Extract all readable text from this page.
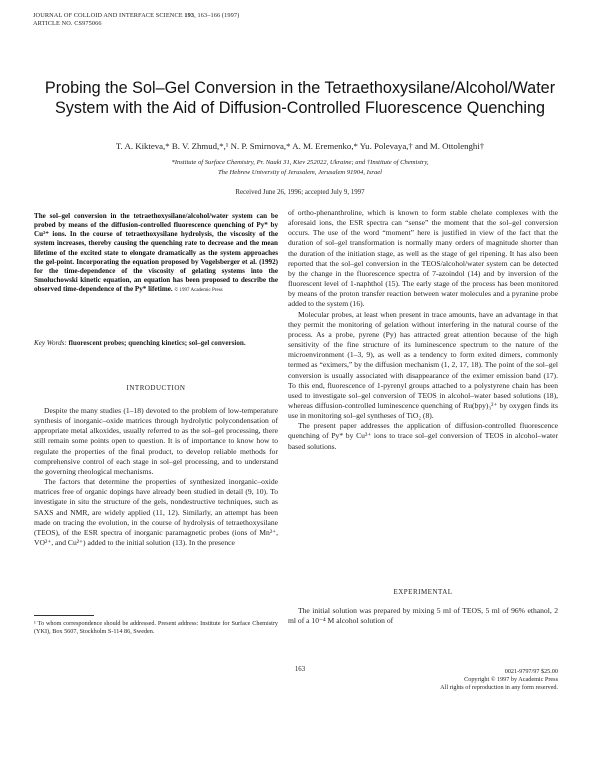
JOURNAL OF COLLOID AND INTERFACE SCIENCE 193, 163–166 (1997)
ARTICLE NO. CS975066
Probing the Sol–Gel Conversion in the Tetraethoxysilane/Alcohol/Water System with the Aid of Diffusion-Controlled Fluorescence Quenching
T. A. Kikteva,* B. V. Zhmud,*,¹ N. P. Smirnova,* A. M. Eremenko,* Yu. Polevaya,† and M. Ottolenghi†
*Institute of Surface Chemistry, Pr. Nauki 31, Kiev 252022, Ukraine; and †Institute of Chemistry,
The Hebrew University of Jerusalem, Jerusalem 91904, Israel
Received June 26, 1996; accepted July 9, 1997
The sol–gel conversion in the tetraethoxysilane/alcohol/water system can be probed by means of the diffusion-controlled fluorescence quenching of Py* by Cu²⁺ ions. In the course of tetraethoxysilane hydrolysis, the viscosity of the system increases, thereby causing the quenching rate to decrease and the mean lifetime of the excited state to elongate dramatically as the system approaches the gel-point. Incorporating the equation proposed by Vogelsberger et al. (1992) for the time-dependence of the viscosity of gelating systems into the Smoluchowski kinetic equation, an equation has been proposed to describe the observed time-dependence of the Py* lifetime. © 1997 Academic Press
Key Words: fluorescent probes; quenching kinetics; sol–gel conversion.
INTRODUCTION

Despite the many studies (1–18) devoted to the problem of low-temperature synthesis of inorganic–oxide matrices through hydrolytic polycondensation of appropriate metal alkoxides, usually referred to as the sol–gel processing, there still remain some points open to question. It is of importance to know how to regulate the properties of the final product, to develop reliable methods for comprehensive control of each stage in sol–gel processing, and to understand the governing rheological mechanisms.

The factors that determine the properties of synthesized inorganic–oxide matrices free of organic dopings have already been studied in detail (9, 10). To investigate in situ the structure of the gels, nondestructive techniques, such as SAXS and NMR, are widely applied (11, 12). Similarly, an attempt has been made on tracing the evolution, in the course of hydrolysis of tetraethoxysilane (TEOS), of the ESR spectra of inorganic paramagnetic probes (ions of Mn²⁺, VO²⁺, and Cu²⁺) added to the initial solution (13). In the presence

¹ To whom correspondence should be addressed. Present address: Institute for Surface Chemistry (YKI), Box 5607, Stockholm S-114 86, Sweden.

of ortho-phenanthroline, which is known to form stable chelate complexes with the aforesaid ions, the ESR spectra can “sense” the moment that the sol–gel conversion occurs. The use of the word “moment” here is justified in view of the fact that the duration of sol–gel transformation is normally many orders of magnitude shorter than the duration of the initiation stage, as well as the stage of gel ripening. It has also been reported that the sol–gel conversion in the TEOS/alcohol/water system can be detected by the change in the fluorescence spectra of 7-azoindol (14) and by inversion of the fluorescent level of 1-naphthol (15). The early stage of the process has been monitored by means of the proton transfer reaction between water molecules and a pyranine probe added to the system (16).

Molecular probes, at least when present in trace amounts, have an advantage in that they permit the monitoring of gelation without interfering in the natural course of the process. As a probe, pyrene (Py) has attracted great attention because of the high sensitivity of the fine structure of its luminescence spectrum to the nature of the microenvironment (1–3, 9), as well as a tendency to form exited dimers, commonly termed as “eximers,” by the diffusion mechanism (1, 2, 17, 18). The point of the sol–gel conversion is usually associated with disappearance of the eximer emission band (17). To this end, fluorescence of 1-pyrenyl groups attached to a polystyrene chain has been used to investigate sol–gel conversion of TEOS in alcohol–water based solutions (18), whereas diffusion-controlled luminescence quenching of Ru(bpy)₃²⁺ by oxygen finds its use in monitoring sol–gel syntheses of TiO₂ (8).

The present paper addresses the application of diffusion-controlled fluorescence quenching of Py* by Cu²⁺ ions to trace sol–gel conversion of TEOS in alcohol–water based solutions.

EXPERIMENTAL

The initial solution was prepared by mixing 5 ml of TEOS, 5 ml of 96% ethanol, 2 ml of a 10⁻⁴ M alcohol solution of

163	0021-9797/97 $25.00
Copyright © 1997 by Academic Press
All rights of reproduction in any form reserved.
